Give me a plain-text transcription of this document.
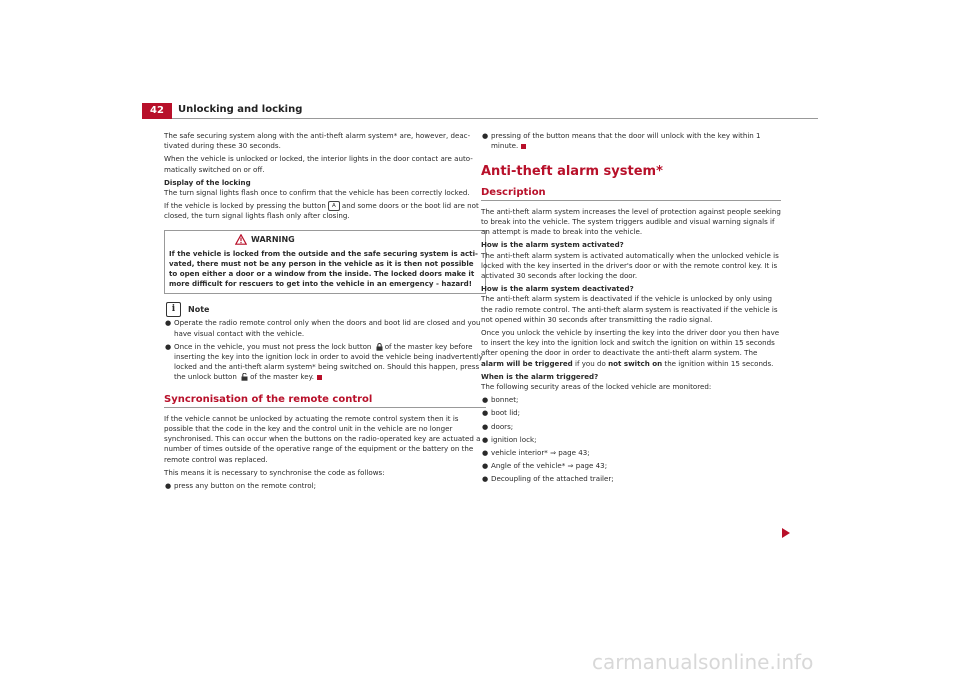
42	Unlocking and locking

The safe securing system along with the anti-theft alarm system* are, however, deac-tivated during these 30 seconds.

When the vehicle is unlocked or locked, the interior lights in the door contact are auto-matically switched on or off.

Display of the locking

The turn signal lights flash once to confirm that the vehicle has been correctly locked.

If the vehicle is locked by pressing the button A and some doors or the boot lid are not closed, the turn signal lights flash only after closing.

WARNING
If the vehicle is locked from the outside and the safe securing system is acti-vated, there must not be any person in the vehicle as it is then not possible to open either a door or a window from the inside. The locked doors make it more difficult for rescuers to get into the vehicle in an emergency - hazard!
i	Note
● Operate the radio remote control only when the doors and boot lid are closed and you have visual contact with the vehicle.
● Once in the vehicle, you must not press the lock button of the master key before inserting the key into the ignition lock in order to avoid the vehicle being inadvertently locked and the anti-theft alarm system* being switched on. Should this happen, press the unlock button of the master key.
Syncronisation of the remote control

If the vehicle cannot be unlocked by actuating the remote control system then it is possible that the code in the key and the control unit in the vehicle are no longer synchronised. This can occur when the buttons on the radio-operated key are actuated a number of times outside of the operative range of the equipment or the battery on the remote control was replaced.

This means it is necessary to synchronise the code as follows:

● press any button on the remote control;
● pressing of the button means that the door will unlock with the key within 1 minute.
Anti-theft alarm system*
Description

The anti-theft alarm system increases the level of protection against people seeking to break into the vehicle. The system triggers audible and visual warning signals if an attempt is made to break into the vehicle.

How is the alarm system activated?

The anti-theft alarm system is activated automatically when the unlocked vehicle is locked with the key inserted in the driver's door or with the remote control key. It is activated 30 seconds after locking the door.

How is the alarm system deactivated?

The anti-theft alarm system is deactivated if the vehicle is unlocked by only using the radio remote control. The anti-theft alarm system is reactivated if the vehicle is not opened within 30 seconds after transmitting the radio signal.

Once you unlock the vehicle by inserting the key into the driver door you then have to insert the key into the ignition lock and switch the ignition on within 15 seconds after opening the door in order to deactivate the anti-theft alarm system. The alarm will be triggered if you do not switch on the ignition within 15 seconds.

When is the alarm triggered?

The following security areas of the locked vehicle are monitored:

● bonnet;
● boot lid;
● doors;
● ignition lock;
● vehicle interior* ⇒ page 43;
● Angle of the vehicle* ⇒ page 43;
● Decoupling of the attached trailer;
carmanualsonline.info
